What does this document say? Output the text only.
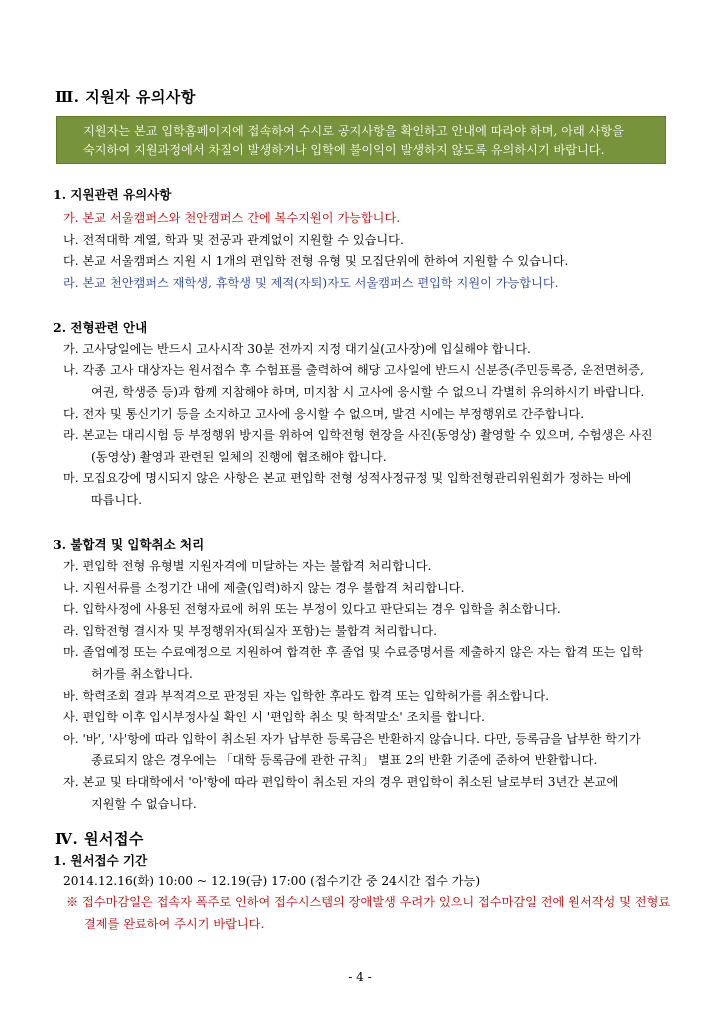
Ⅲ. 지원자 유의사항
지원자는 본교 입학홈페이지에 접속하여 수시로 공지사항을 확인하고 안내에 따라야 하며, 아래 사항을
숙지하여 지원과정에서 차질이 발생하거나 입학에 불이익이 발생하지 않도록 유의하시기 바랍니다.
1. 지원관련 유의사항
가. 본교 서울캠퍼스와 천안캠퍼스 간에 복수지원이 가능합니다.
나. 전적대학 계열, 학과 및 전공과 관계없이 지원할 수 있습니다.
다. 본교 서울캠퍼스 지원 시 1개의 편입학 전형 유형 및 모집단위에 한하여 지원할 수 있습니다.
라. 본교 천안캠퍼스 재학생, 휴학생 및 제적(자퇴)자도 서울캠퍼스 편입학 지원이 가능합니다.
2. 전형관련 안내
가. 고사당일에는 반드시 고사시작 30분 전까지 지정 대기실(고사장)에 입실해야 합니다.
나. 각종 고사 대상자는 원서접수 후 수험표를 출력하여 해당 고사일에 반드시 신분증(주민등록증, 운전면허증,
여권, 학생증 등)과 함께 지참해야 하며, 미지참 시 고사에 응시할 수 없으니 각별히 유의하시기 바랍니다.
다. 전자 및 통신기기 등을 소지하고 고사에 응시할 수 없으며, 발견 시에는 부정행위로 간주합니다.
라. 본교는 대리시험 등 부정행위 방지를 위하여 입학전형 현장을 사진(동영상) 촬영할 수 있으며, 수험생은 사진
(동영상) 촬영과 관련된 일체의 진행에 협조해야 합니다.
마. 모집요강에 명시되지 않은 사항은 본교 편입학 전형 성적사정규정 및 입학전형관리위원회가 정하는 바에
따릅니다.
3. 불합격 및 입학취소 처리
가. 편입학 전형 유형별 지원자격에 미달하는 자는 불합격 처리합니다.
나. 지원서류를 소정기간 내에 제출(입력)하지 않는 경우 불합격 처리합니다.
다. 입학사정에 사용된 전형자료에 허위 또는 부정이 있다고 판단되는 경우 입학을 취소합니다.
라. 입학전형 결시자 및 부정행위자(퇴실자 포함)는 불합격 처리합니다.
마. 졸업예정 또는 수료예정으로 지원하여 합격한 후 졸업 및 수료증명서를 제출하지 않은 자는 합격 또는 입학
허가를 취소합니다.
바. 학력조회 결과 부적격으로 판정된 자는 입학한 후라도 합격 또는 입학허가를 취소합니다.
사. 편입학 이후 입시부정사실 확인 시 '편입학 취소 및 학적말소' 조치를 합니다.
아. '바', '사'항에 따라 입학이 취소된 자가 납부한 등록금은 반환하지 않습니다. 다만, 등록금을 납부한 학기가
종료되지 않은 경우에는 「대학 등록금에 관한 규칙」 별표 2의 반환 기준에 준하여 반환합니다.
자. 본교 및 타대학에서 '아'항에 따라 편입학이 취소된 자의 경우 편입학이 취소된 날로부터 3년간 본교에
지원할 수 없습니다.
Ⅳ. 원서접수
1. 원서접수 기간
2014.12.16(화) 10:00 ~ 12.19(금) 17:00 (접수기간 중 24시간 접수 가능)
※ 접수마감일은 접속자 폭주로 인하여 접수시스템의 장애발생 우려가 있으니 접수마감일 전에 원서작성 및 전형료
결제를 완료하여 주시기 바랍니다.
- 4 -
